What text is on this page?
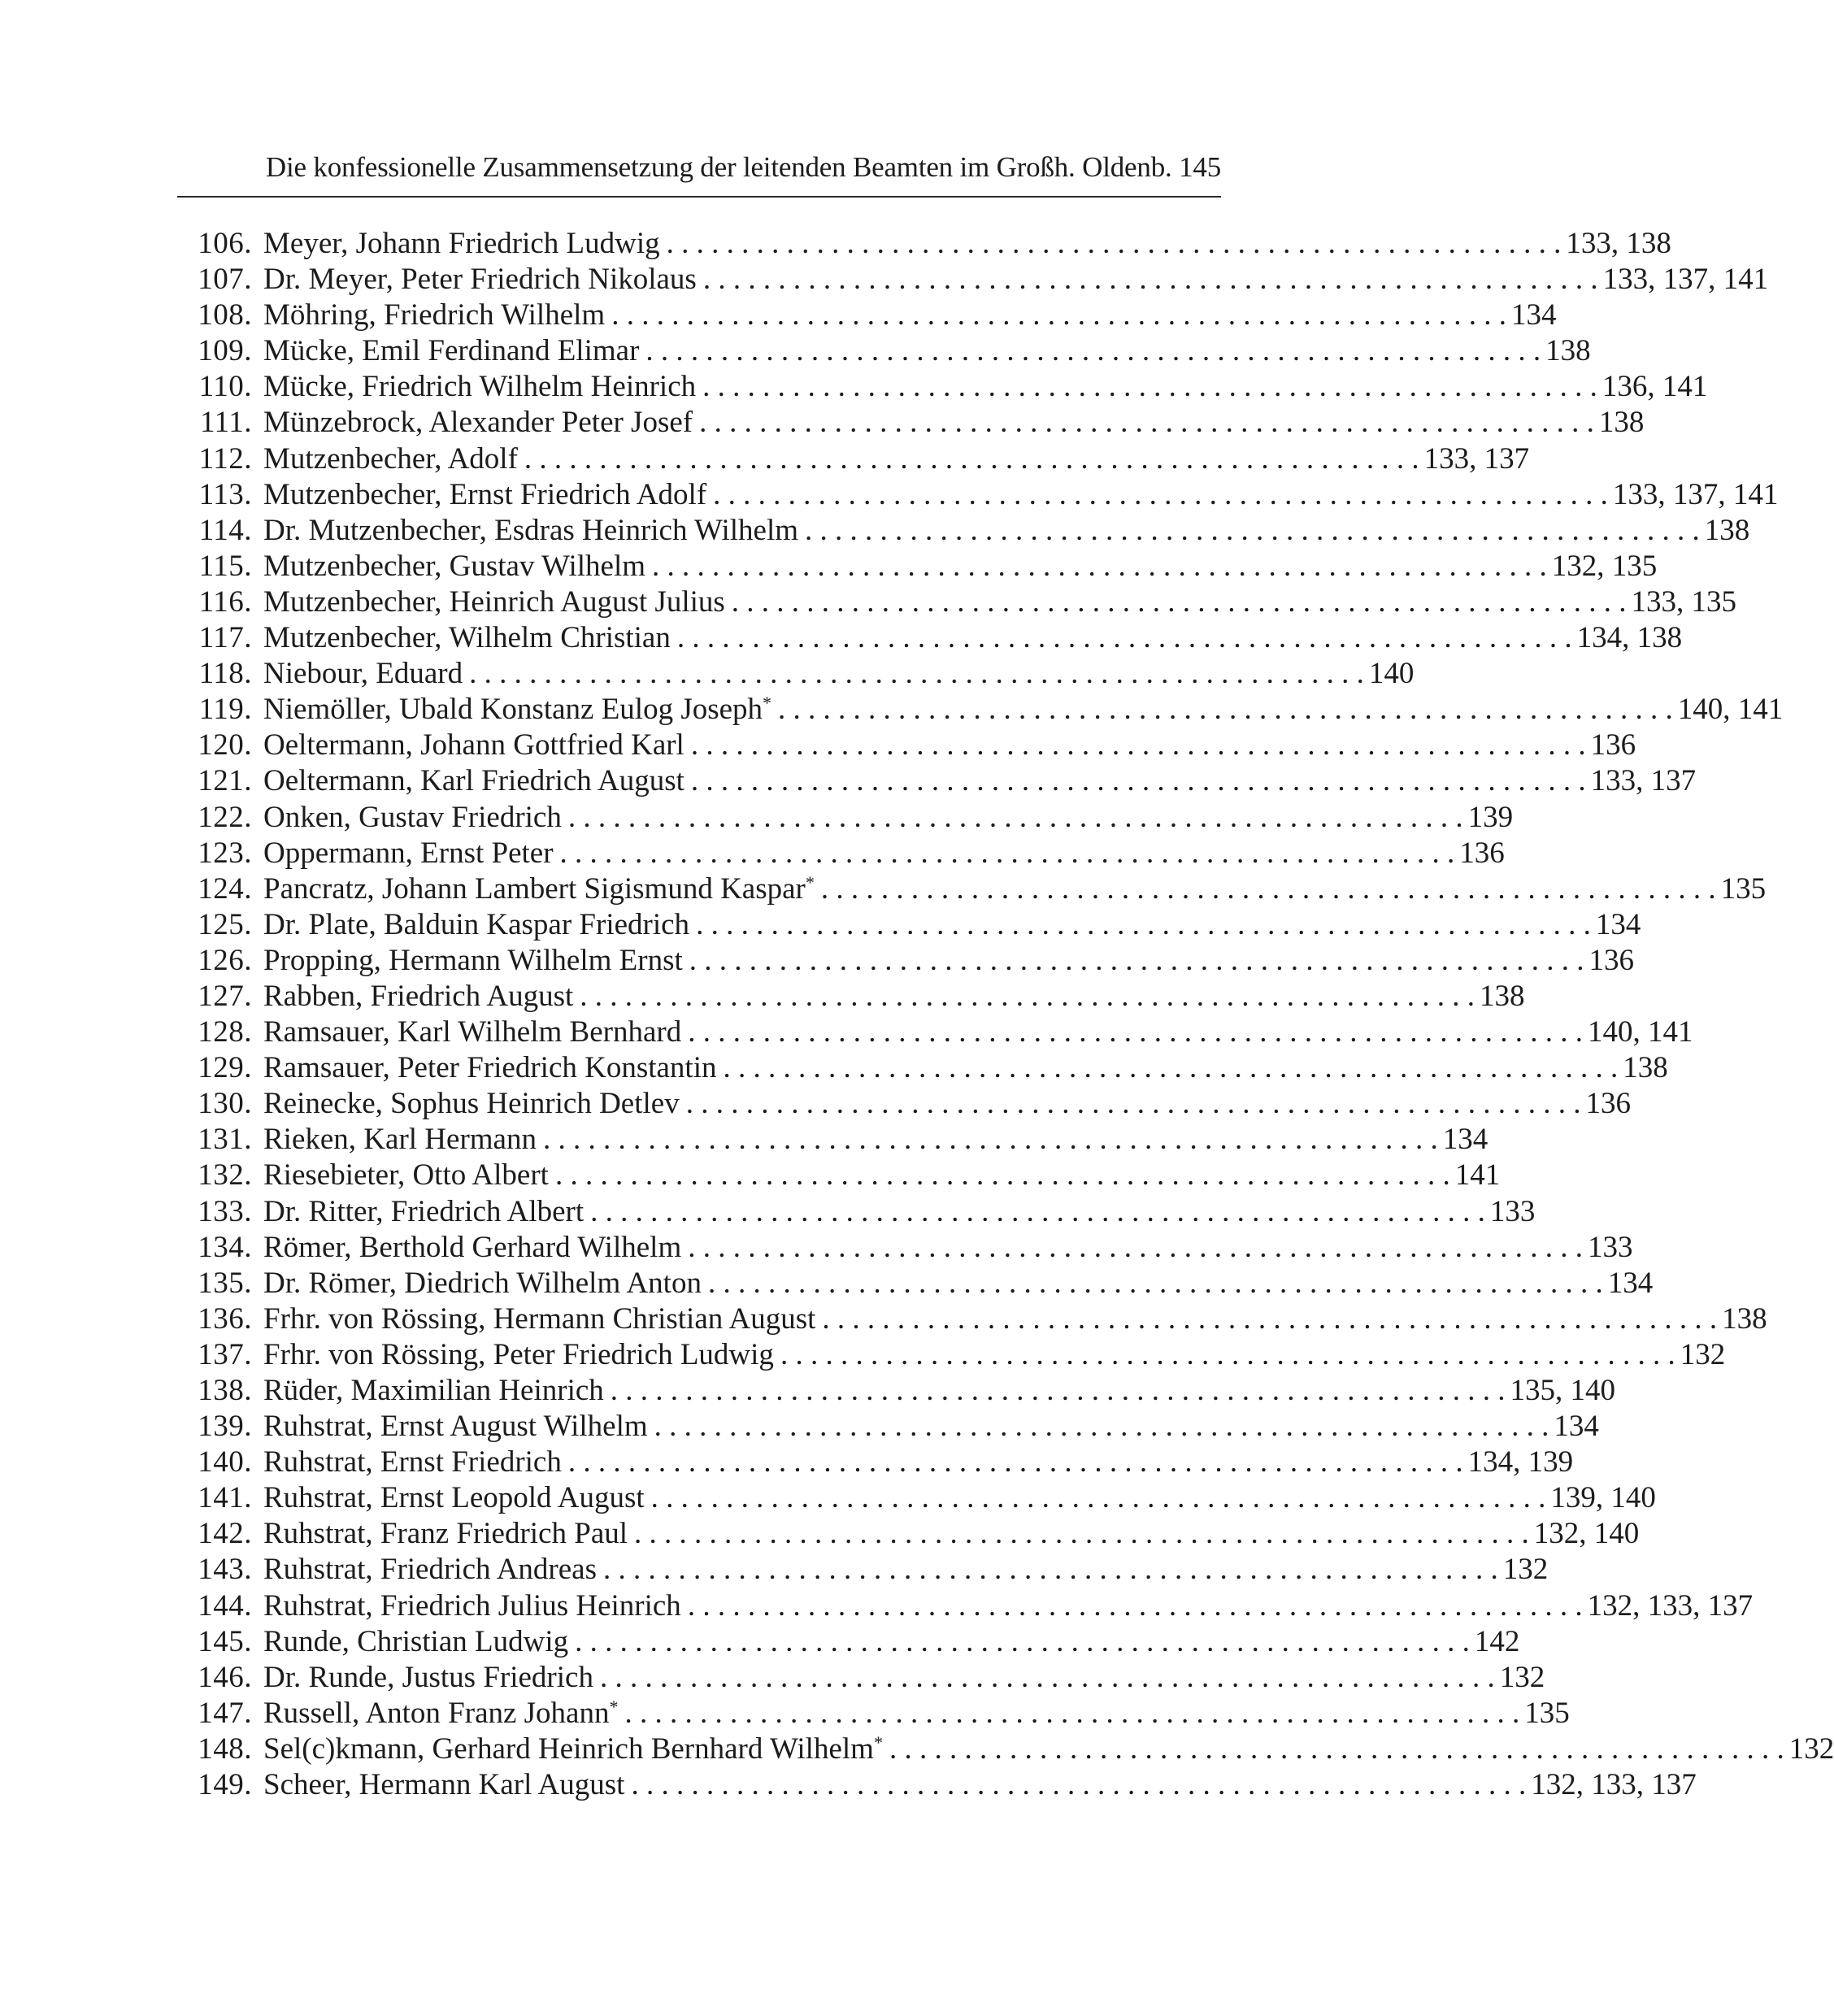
Die konfessionelle Zusammensetzung der leitenden Beamten im Großh. Oldenb. 145
106. Meyer, Johann Friedrich Ludwig . . . . . . . . . . . . . . . . . . . . . . . . . . . . . . . . . . . . . . . . . . . . . . . . . . . . . . . . . . . . 133, 138
107. Dr. Meyer, Peter Friedrich Nikolaus . . . . . . . . . . . . . . . . . . . . . . . . . . . . . . . . . . . . . . . . . . . . . . . . . . . . . . . . . . . . 133, 137, 141
108. Möhring, Friedrich Wilhelm . . . . . . . . . . . . . . . . . . . . . . . . . . . . . . . . . . . . . . . . . . . . . . . . . . . . . . . . . . . . 134
109. Mücke, Emil Ferdinand Elimar . . . . . . . . . . . . . . . . . . . . . . . . . . . . . . . . . . . . . . . . . . . . . . . . . . . . . . . . . . . . 138
110. Mücke, Friedrich Wilhelm Heinrich . . . . . . . . . . . . . . . . . . . . . . . . . . . . . . . . . . . . . . . . . . . . . . . . . . . . . . . . . . . . 136, 141
111. Münzebrock, Alexander Peter Josef . . . . . . . . . . . . . . . . . . . . . . . . . . . . . . . . . . . . . . . . . . . . . . . . . . . . . . . . . . . . 138
112. Mutzenbecher, Adolf . . . . . . . . . . . . . . . . . . . . . . . . . . . . . . . . . . . . . . . . . . . . . . . . . . . . . . . . . . . . 133, 137
113. Mutzenbecher, Ernst Friedrich Adolf . . . . . . . . . . . . . . . . . . . . . . . . . . . . . . . . . . . . . . . . . . . . . . . . . . . . . . . . . . . . 133, 137, 141
114. Dr. Mutzenbecher, Esdras Heinrich Wilhelm . . . . . . . . . . . . . . . . . . . . . . . . . . . . . . . . . . . . . . . . . . . . . . . . . . . . . . . . . . . . 138
115. Mutzenbecher, Gustav Wilhelm . . . . . . . . . . . . . . . . . . . . . . . . . . . . . . . . . . . . . . . . . . . . . . . . . . . . . . . . . . . . 132, 135
116. Mutzenbecher, Heinrich August Julius . . . . . . . . . . . . . . . . . . . . . . . . . . . . . . . . . . . . . . . . . . . . . . . . . . . . . . . . . . . . 133, 135
117. Mutzenbecher, Wilhelm Christian . . . . . . . . . . . . . . . . . . . . . . . . . . . . . . . . . . . . . . . . . . . . . . . . . . . . . . . . . . . . 134, 138
118. Niebour, Eduard . . . . . . . . . . . . . . . . . . . . . . . . . . . . . . . . . . . . . . . . . . . . . . . . . . . . . . . . . . . . 140
119. Niemöller, Ubald Konstanz Eulog Joseph* . . . . . . . . . . . . . . . . . . . . . . . . . . . . . . . . . . . . . . . . . . . . . . . . . . . . . . . . . . . . 140, 141
120. Oeltermann, Johann Gottfried Karl . . . . . . . . . . . . . . . . . . . . . . . . . . . . . . . . . . . . . . . . . . . . . . . . . . . . . . . . . . . . 136
121. Oeltermann, Karl Friedrich August . . . . . . . . . . . . . . . . . . . . . . . . . . . . . . . . . . . . . . . . . . . . . . . . . . . . . . . . . . . . 133, 137
122. Onken, Gustav Friedrich . . . . . . . . . . . . . . . . . . . . . . . . . . . . . . . . . . . . . . . . . . . . . . . . . . . . . . . . . . . . 139
123. Oppermann, Ernst Peter . . . . . . . . . . . . . . . . . . . . . . . . . . . . . . . . . . . . . . . . . . . . . . . . . . . . . . . . . . . . 136
124. Pancratz, Johann Lambert Sigismund Kaspar* . . . . . . . . . . . . . . . . . . . . . . . . . . . . . . . . . . . . . . . . . . . . . . . . . . . . . . . . . . . . 135
125. Dr. Plate, Balduin Kaspar Friedrich . . . . . . . . . . . . . . . . . . . . . . . . . . . . . . . . . . . . . . . . . . . . . . . . . . . . . . . . . . . . 134
126. Propping, Hermann Wilhelm Ernst . . . . . . . . . . . . . . . . . . . . . . . . . . . . . . . . . . . . . . . . . . . . . . . . . . . . . . . . . . . . 136
127. Rabben, Friedrich August . . . . . . . . . . . . . . . . . . . . . . . . . . . . . . . . . . . . . . . . . . . . . . . . . . . . . . . . . . . . 138
128. Ramsauer, Karl Wilhelm Bernhard . . . . . . . . . . . . . . . . . . . . . . . . . . . . . . . . . . . . . . . . . . . . . . . . . . . . . . . . . . . . 140, 141
129. Ramsauer, Peter Friedrich Konstantin . . . . . . . . . . . . . . . . . . . . . . . . . . . . . . . . . . . . . . . . . . . . . . . . . . . . . . . . . . . . 138
130. Reinecke, Sophus Heinrich Detlev . . . . . . . . . . . . . . . . . . . . . . . . . . . . . . . . . . . . . . . . . . . . . . . . . . . . . . . . . . . . 136
131. Rieken, Karl Hermann . . . . . . . . . . . . . . . . . . . . . . . . . . . . . . . . . . . . . . . . . . . . . . . . . . . . . . . . . . . . 134
132. Riesebieter, Otto Albert . . . . . . . . . . . . . . . . . . . . . . . . . . . . . . . . . . . . . . . . . . . . . . . . . . . . . . . . . . . . 141
133. Dr. Ritter, Friedrich Albert . . . . . . . . . . . . . . . . . . . . . . . . . . . . . . . . . . . . . . . . . . . . . . . . . . . . . . . . . . . . 133
134. Römer, Berthold Gerhard Wilhelm . . . . . . . . . . . . . . . . . . . . . . . . . . . . . . . . . . . . . . . . . . . . . . . . . . . . . . . . . . . . 133
135. Dr. Römer, Diedrich Wilhelm Anton . . . . . . . . . . . . . . . . . . . . . . . . . . . . . . . . . . . . . . . . . . . . . . . . . . . . . . . . . . . . 134
136. Frhr. von Rössing, Hermann Christian August . . . . . . . . . . . . . . . . . . . . . . . . . . . . . . . . . . . . . . . . . . . . . . . . . . . . . . . . . . . . 138
137. Frhr. von Rössing, Peter Friedrich Ludwig . . . . . . . . . . . . . . . . . . . . . . . . . . . . . . . . . . . . . . . . . . . . . . . . . . . . . . . . . . . . 132
138. Rüder, Maximilian Heinrich . . . . . . . . . . . . . . . . . . . . . . . . . . . . . . . . . . . . . . . . . . . . . . . . . . . . . . . . . . . . 135, 140
139. Ruhstrat, Ernst August Wilhelm . . . . . . . . . . . . . . . . . . . . . . . . . . . . . . . . . . . . . . . . . . . . . . . . . . . . . . . . . . . . 134
140. Ruhstrat, Ernst Friedrich . . . . . . . . . . . . . . . . . . . . . . . . . . . . . . . . . . . . . . . . . . . . . . . . . . . . . . . . . . . . 134, 139
141. Ruhstrat, Ernst Leopold August . . . . . . . . . . . . . . . . . . . . . . . . . . . . . . . . . . . . . . . . . . . . . . . . . . . . . . . . . . . . 139, 140
142. Ruhstrat, Franz Friedrich Paul . . . . . . . . . . . . . . . . . . . . . . . . . . . . . . . . . . . . . . . . . . . . . . . . . . . . . . . . . . . . 132, 140
143. Ruhstrat, Friedrich Andreas . . . . . . . . . . . . . . . . . . . . . . . . . . . . . . . . . . . . . . . . . . . . . . . . . . . . . . . . . . . . 132
144. Ruhstrat, Friedrich Julius Heinrich . . . . . . . . . . . . . . . . . . . . . . . . . . . . . . . . . . . . . . . . . . . . . . . . . . . . . . . . . . . . 132, 133, 137
145. Runde, Christian Ludwig . . . . . . . . . . . . . . . . . . . . . . . . . . . . . . . . . . . . . . . . . . . . . . . . . . . . . . . . . . . . 142
146. Dr. Runde, Justus Friedrich . . . . . . . . . . . . . . . . . . . . . . . . . . . . . . . . . . . . . . . . . . . . . . . . . . . . . . . . . . . . 132
147. Russell, Anton Franz Johann* . . . . . . . . . . . . . . . . . . . . . . . . . . . . . . . . . . . . . . . . . . . . . . . . . . . . . . . . . . . . 135
148. Sel(c)kmann, Gerhard Heinrich Bernhard Wilhelm* . . . . . . . . . . . . . . . . . . . . . . . . . . . . . . . . . . . . . . . . . . . . . . . . . . . . . . . . . . . . 132
149. Scheer, Hermann Karl August . . . . . . . . . . . . . . . . . . . . . . . . . . . . . . . . . . . . . . . . . . . . . . . . . . . . . . . . . . . . 132, 133, 137
